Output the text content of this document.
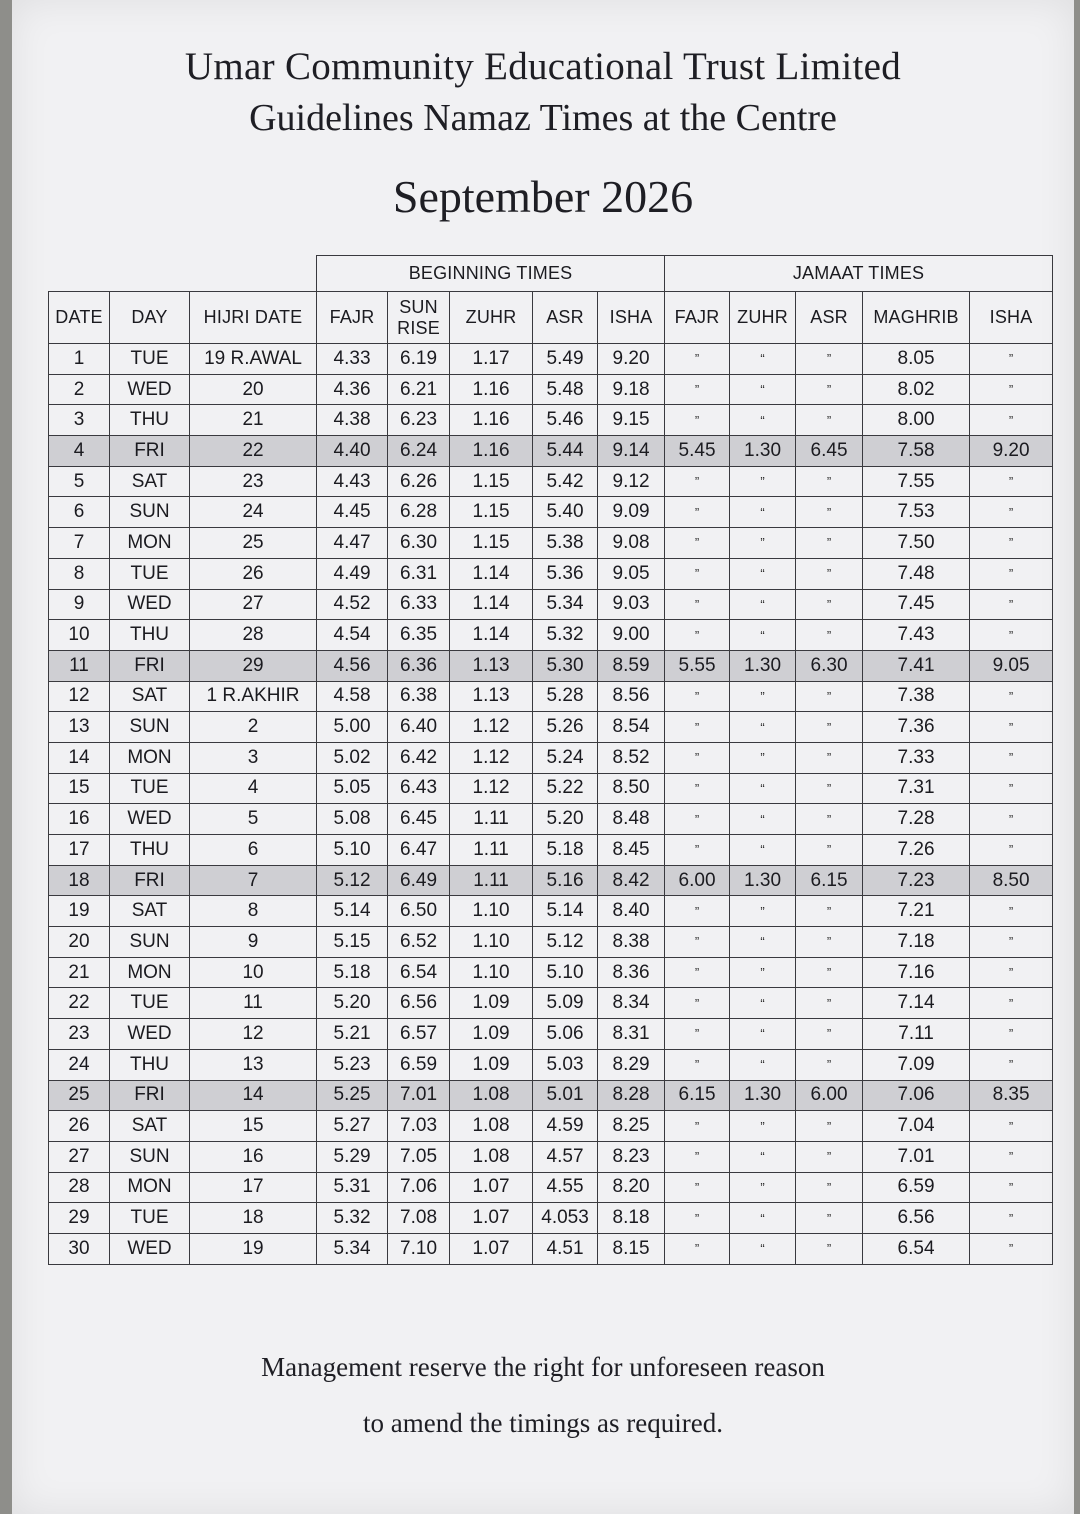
Umar Community Educational Trust Limited
Guidelines Namaz Times at the Centre
September 2026
			BEGINNING TIMES					JAMAAT TIMES				
DATE	DAY	HIJRI DATE	FAJR	SUN
RISE	ZUHR	ASR	ISHA	FAJR	ZUHR	ASR	MAGHRIB	ISHA
1	TUE	19 R.AWAL	4.33	6.19	1.17	5.49	9.20	”	“	”	8.05	”
2	WED	20	4.36	6.21	1.16	5.48	9.18	”	“	”	8.02	”
3	THU	21	4.38	6.23	1.16	5.46	9.15	”	“	”	8.00	”
4	FRI	22	4.40	6.24	1.16	5.44	9.14	5.45	1.30	6.45	7.58	9.20
5	SAT	23	4.43	6.26	1.15	5.42	9.12	”	”	”	7.55	”
6	SUN	24	4.45	6.28	1.15	5.40	9.09	”	“	”	7.53	”
7	MON	25	4.47	6.30	1.15	5.38	9.08	”	”	”	7.50	”
8	TUE	26	4.49	6.31	1.14	5.36	9.05	”	“	”	7.48	”
9	WED	27	4.52	6.33	1.14	5.34	9.03	”	“	”	7.45	”
10	THU	28	4.54	6.35	1.14	5.32	9.00	”	“	”	7.43	”
11	FRI	29	4.56	6.36	1.13	5.30	8.59	5.55	1.30	6.30	7.41	9.05
12	SAT	1 R.AKHIR	4.58	6.38	1.13	5.28	8.56	”	”	”	7.38	”
13	SUN	2	5.00	6.40	1.12	5.26	8.54	”	“	”	7.36	”
14	MON	3	5.02	6.42	1.12	5.24	8.52	”	”	”	7.33	”
15	TUE	4	5.05	6.43	1.12	5.22	8.50	”	“	”	7.31	”
16	WED	5	5.08	6.45	1.11	5.20	8.48	”	“	”	7.28	”
17	THU	6	5.10	6.47	1.11	5.18	8.45	”	“	”	7.26	”
18	FRI	7	5.12	6.49	1.11	5.16	8.42	6.00	1.30	6.15	7.23	8.50
19	SAT	8	5.14	6.50	1.10	5.14	8.40	”	”	”	7.21	”
20	SUN	9	5.15	6.52	1.10	5.12	8.38	”	“	”	7.18	”
21	MON	10	5.18	6.54	1.10	5.10	8.36	”	”	”	7.16	”
22	TUE	11	5.20	6.56	1.09	5.09	8.34	”	“	”	7.14	”
23	WED	12	5.21	6.57	1.09	5.06	8.31	”	“	”	7.11	”
24	THU	13	5.23	6.59	1.09	5.03	8.29	”	“	”	7.09	”
25	FRI	14	5.25	7.01	1.08	5.01	8.28	6.15	1.30	6.00	7.06	8.35
26	SAT	15	5.27	7.03	1.08	4.59	8.25	”	”	”	7.04	”
27	SUN	16	5.29	7.05	1.08	4.57	8.23	”	“	”	7.01	”
28	MON	17	5.31	7.06	1.07	4.55	8.20	”	”	”	6.59	”
29	TUE	18	5.32	7.08	1.07	4.053	8.18	”	“	”	6.56	”
30	WED	19	5.34	7.10	1.07	4.51	8.15	”	“	”	6.54	”
Management reserve the right for unforeseen reason
to amend the timings as required.
